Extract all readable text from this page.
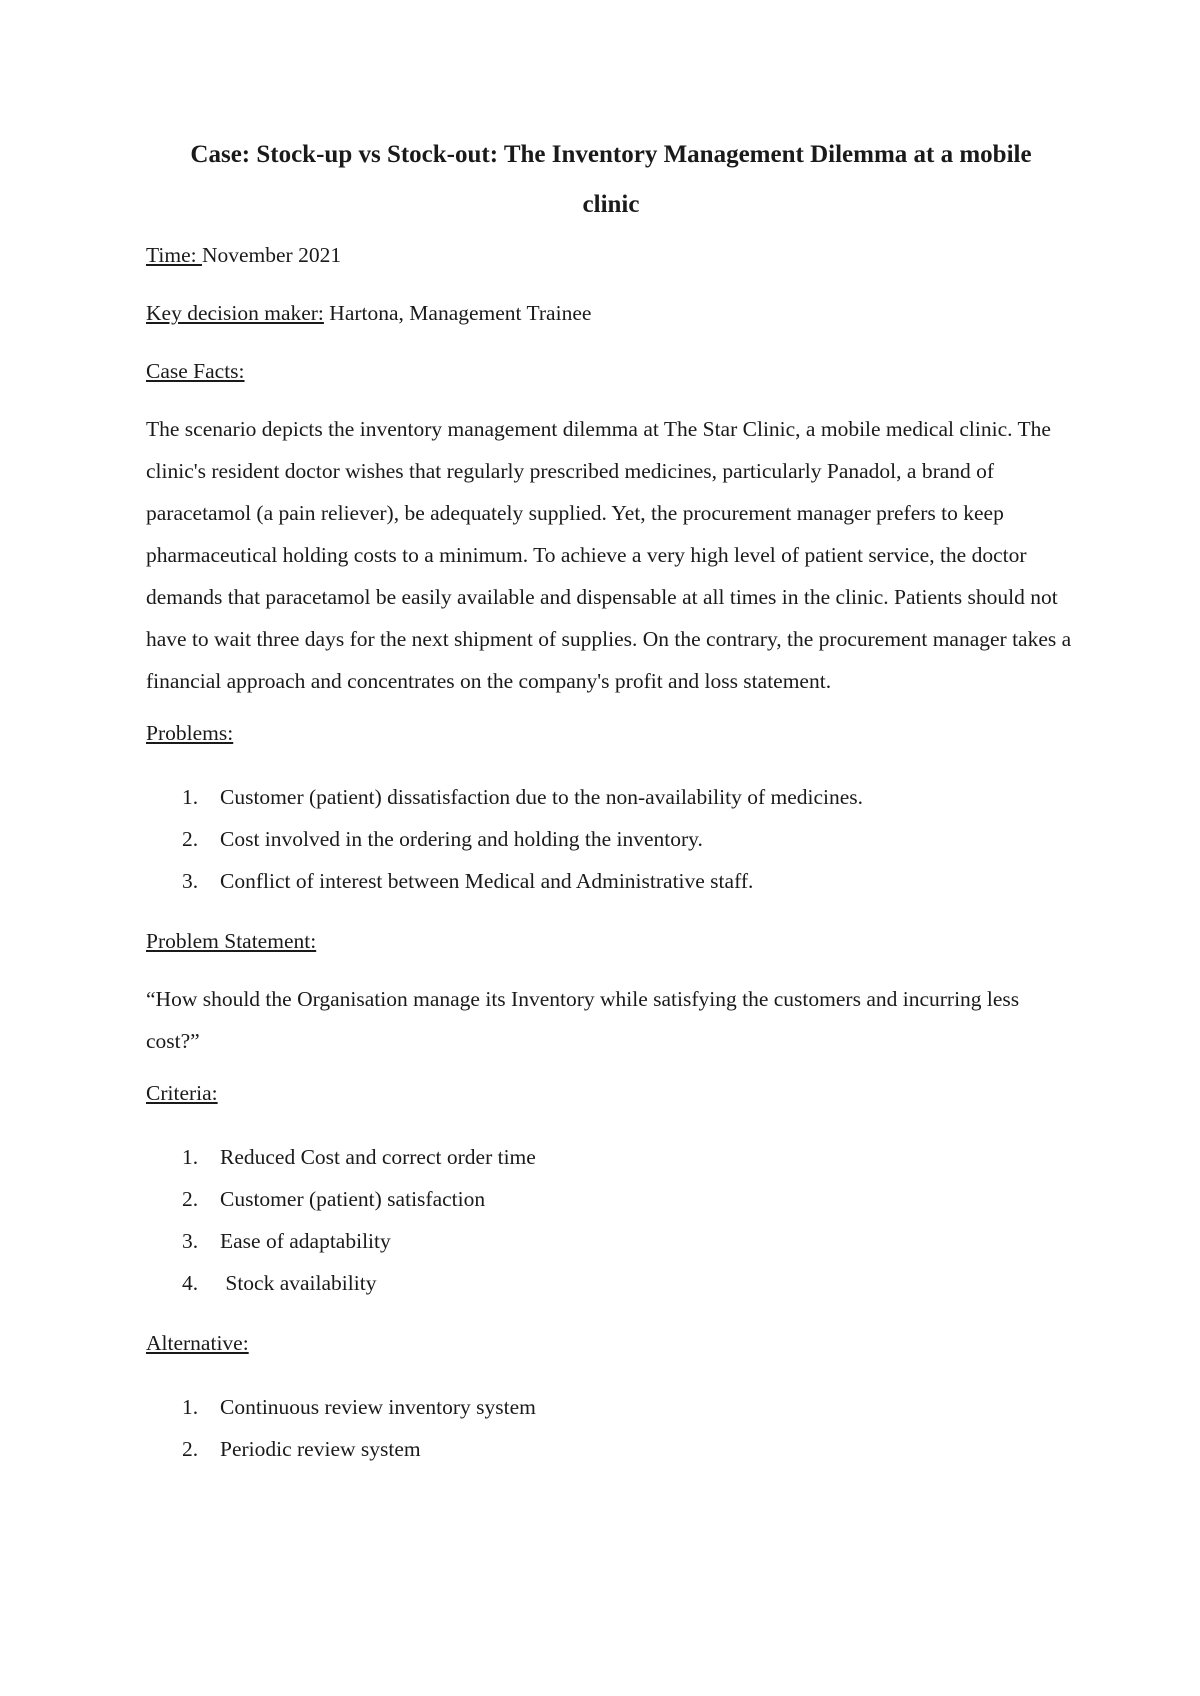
Case: Stock-up vs Stock-out: The Inventory Management Dilemma at a mobile clinic

Time: November 2021

Key decision maker: Hartona, Management Trainee

Case Facts:

The scenario depicts the inventory management dilemma at The Star Clinic, a mobile medical clinic. The clinic's resident doctor wishes that regularly prescribed medicines, particularly Panadol, a brand of paracetamol (a pain reliever), be adequately supplied. Yet, the procurement manager prefers to keep pharmaceutical holding costs to a minimum. To achieve a very high level of patient service, the doctor demands that paracetamol be easily available and dispensable at all times in the clinic. Patients should not have to wait three days for the next shipment of supplies. On the contrary, the procurement manager takes a financial approach and concentrates on the company's profit and loss statement.

Problems:

1.	Customer (patient) dissatisfaction due to the non-availability of medicines.
2.	Cost involved in the ordering and holding the inventory.
3.	Conflict of interest between Medical and Administrative staff.

Problem Statement:

“How should the Organisation manage its Inventory while satisfying the customers and incurring less cost?”

Criteria:

1.	Reduced Cost and correct order time
2.	Customer (patient) satisfaction
3.	Ease of adaptability
4.	Stock availability

Alternative:

1.	Continuous review inventory system
2.	Periodic review system
